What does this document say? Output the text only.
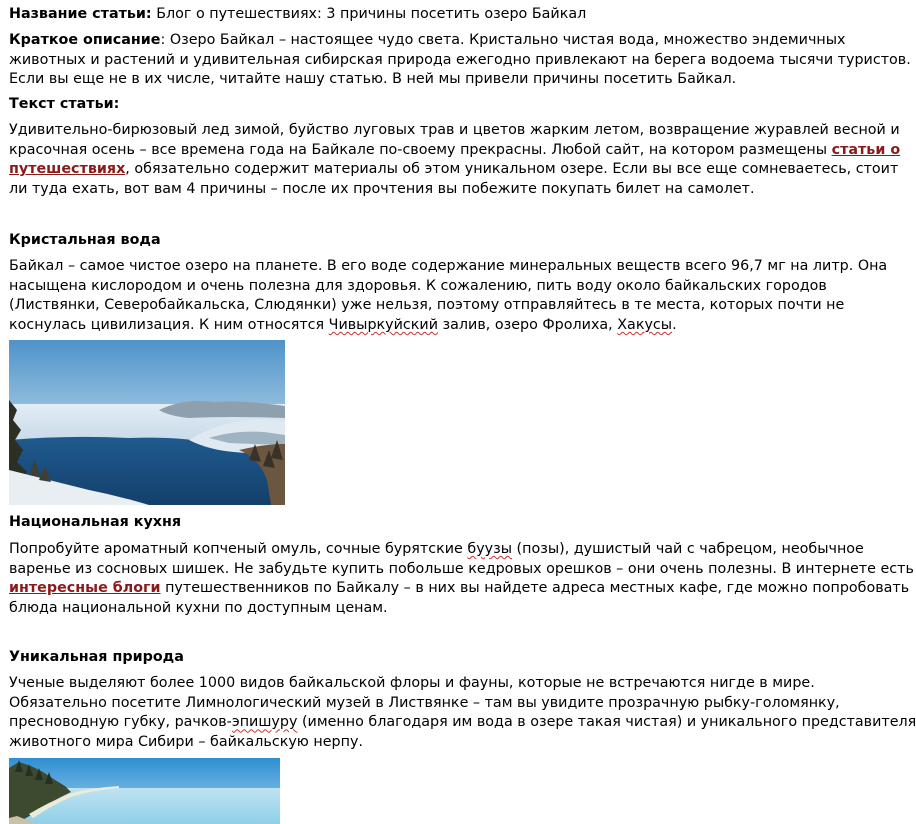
Название статьи: Блог о путешествиях: 3 причины посетить озеро Байкал

Краткое описание: Озеро Байкал – настоящее чудо света. Кристально чистая вода, множество эндемичных

животных и растений и удивительная сибирская природа ежегодно привлекают на берега водоема тысячи туристов.

Если вы еще не в их числе, читайте нашу статью. В ней мы привели причины посетить Байкал.

Текст статьи:

Удивительно-бирюзовый лед зимой, буйство луговых трав и цветов жарким летом, возвращение журавлей весной и

красочная осень – все времена года на Байкале по-своему прекрасны. Любой сайт, на котором размещены статьи о

путешествиях, обязательно содержит материалы об этом уникальном озере. Если вы все еще сомневаетесь, стоит

ли туда ехать, вот вам 4 причины – после их прочтения вы побежите покупать билет на самолет.

Кристальная вода

Байкал – самое чистое озеро на планете. В его воде содержание минеральных веществ всего 96,7 мг на литр. Она

насыщена кислородом и очень полезна для здоровья. К сожалению, пить воду около байкальских городов

(Листвянки, Северобайкальска, Слюдянки) уже нельзя, поэтому отправляйтесь в те места, которых почти не

коснулась цивилизация. К ним относятся Чивыркуйский залив, озеро Фролиха, Хакусы.

Национальная кухня

Попробуйте ароматный копченый омуль, сочные бурятские буузы (позы), душистый чай с чабрецом, необычное

варенье из сосновых шишек. Не забудьте купить побольше кедровых орешков – они очень полезны. В интернете есть

интересные блоги путешественников по Байкалу – в них вы найдете адреса местных кафе, где можно попробовать

блюда национальной кухни по доступным ценам.

Уникальная природа

Ученые выделяют более 1000 видов байкальской флоры и фауны, которые не встречаются нигде в мире.

Обязательно посетите Лимнологический музей в Листвянке – там вы увидите прозрачную рыбку-голомянку,

пресноводную губку, рачков-эпишуру (именно благодаря им вода в озере такая чистая) и уникального представителя

животного мира Сибири – байкальскую нерпу.
